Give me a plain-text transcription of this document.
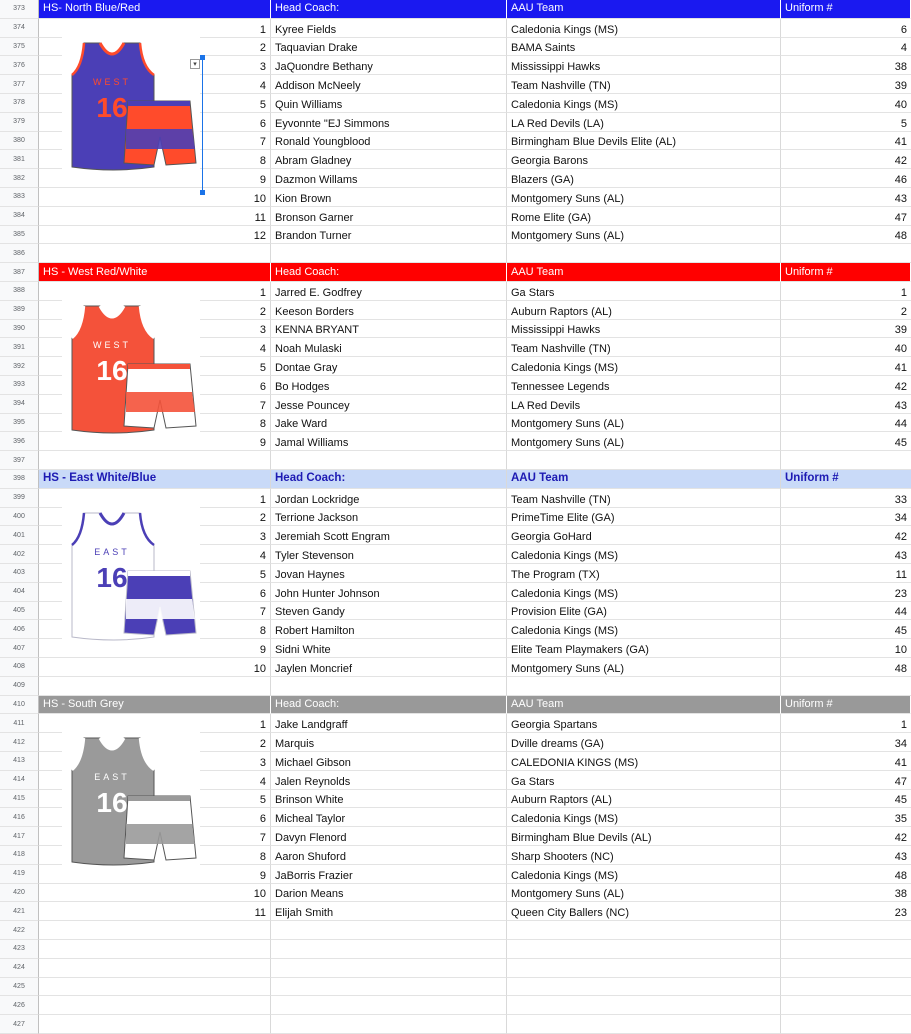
373	HS- North Blue/Red	Head Coach:	AAU Team	Uniform #
374	1 Kyree Fields	Caledonia Kings (MS)	6
375	2 Taquavian Drake	BAMA Saints	4
376	3 JaQuondre Bethany	Mississippi Hawks	38
377	4 Addison McNeely	Team Nashville (TN)	39
378	5 Quin Williams	Caledonia Kings (MS)	40
379	6 Eyvonnte "EJ Simmons	LA Red Devils (LA)	5
380	7 Ronald Youngblood	Birmingham Blue Devils Elite (AL)	41
381	8 Abram Gladney	Georgia Barons	42
382	9 Dazmon Willams	Blazers (GA)	46
383	10 Kion Brown	Montgomery Suns (AL)	43
384	11 Bronson Garner	Rome Elite (GA)	47
385	12 Brandon Turner	Montgomery Suns (AL)	48
386
387	HS - West Red/White	Head Coach:	AAU Team	Uniform #
388	1 Jarred E. Godfrey	Ga Stars	1
389	2 Keeson Borders	Auburn Raptors (AL)	2
390	3 KENNA BRYANT	Mississippi Hawks	39
391	4 Noah Mulaski	Team Nashville (TN)	40
392	5 Dontae Gray	Caledonia Kings (MS)	41
393	6 Bo Hodges	Tennessee Legends	42
394	7 Jesse Pouncey	LA Red Devils	43
395	8 Jake Ward	Montgomery Suns (AL)	44
396	9 Jamal Williams	Montgomery Suns (AL)	45
397
398	HS - East White/Blue	Head Coach:	AAU Team	Uniform #
399	1 Jordan Lockridge	Team Nashville (TN)	33
400	2 Terrione Jackson	PrimeTime Elite (GA)	34
401	3 Jeremiah Scott Engram	Georgia GoHard	42
402	4 Tyler Stevenson	Caledonia Kings (MS)	43
403	5 Jovan Haynes	The Program (TX)	11
404	6 John Hunter Johnson	Caledonia Kings (MS)	23
405	7 Steven Gandy	Provision Elite (GA)	44
406	8 Robert Hamilton	Caledonia Kings (MS)	45
407	9 Sidni White	Elite Team Playmakers (GA)	10
408	10 Jaylen Moncrief	Montgomery Suns (AL)	48
409
410	HS - South Grey	Head Coach:	AAU Team	Uniform #
411	1 Jake Landgraff	Georgia Spartans	1
412	2 Marquis	Dville dreams (GA)	34
413	3 Michael Gibson	CALEDONIA KINGS (MS)	41
414	4 Jalen Reynolds	Ga Stars	47
415	5 Brinson White	Auburn Raptors (AL)	45
416	6 Micheal Taylor	Caledonia Kings (MS)	35
417	7 Davyn Flenord	Birmingham Blue Devils (AL)	42
418	8 Aaron Shuford	Sharp Shooters (NC)	43
419	9 JaBorris Frazier	Caledonia Kings (MS)	48
420	10 Darion Means	Montgomery Suns (AL)	38
421	11 Elijah Smith	Queen City Ballers (NC)	23
422
423
424
425
426
427
WEST
16
WEST
16
EAST
16
EAST
16
▾
